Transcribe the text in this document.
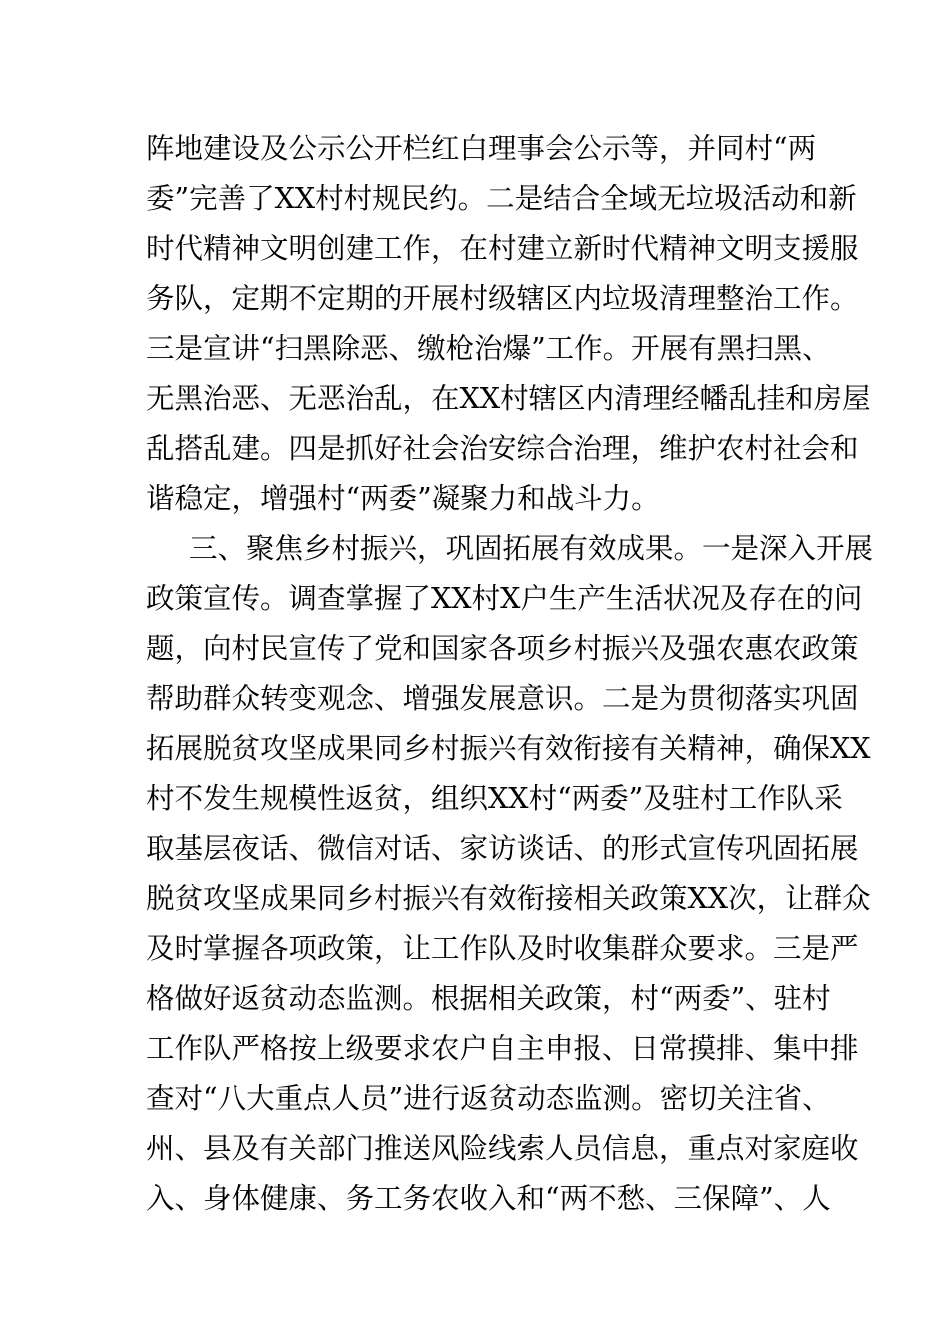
阵地建设及公示公开栏红白理事会公示等，并同村“两
委”完善了XX村村规民约。二是结合全域无垃圾活动和新
时代精神文明创建工作，在村建立新时代精神文明支援服
务队，定期不定期的开展村级辖区内垃圾清理整治工作。
三是宣讲“扫黑除恶、缴枪治爆”工作。开展有黑扫黑、
无黑治恶、无恶治乱，在XX村辖区内清理经幡乱挂和房屋
乱搭乱建。四是抓好社会治安综合治理，维护农村社会和
谐稳定，增强村“两委”凝聚力和战斗力。
三、聚焦乡村振兴，巩固拓展有效成果。一是深入开展
政策宣传。调查掌握了XX村X户生产生活状况及存在的问
题，向村民宣传了党和国家各项乡村振兴及强农惠农政策
帮助群众转变观念、增强发展意识。二是为贯彻落实巩固
拓展脱贫攻坚成果同乡村振兴有效衔接有关精神，确保XX
村不发生规模性返贫，组织XX村“两委”及驻村工作队采
取基层夜话、微信对话、家访谈话、的形式宣传巩固拓展
脱贫攻坚成果同乡村振兴有效衔接相关政策XX次，让群众
及时掌握各项政策，让工作队及时收集群众要求。三是严
格做好返贫动态监测。根据相关政策，村“两委”、驻村
工作队严格按上级要求农户自主申报、日常摸排、集中排
查对“八大重点人员”进行返贫动态监测。密切关注省、
州、县及有关部门推送风险线索人员信息，重点对家庭收
入、身体健康、务工务农收入和“两不愁、三保障”、人
